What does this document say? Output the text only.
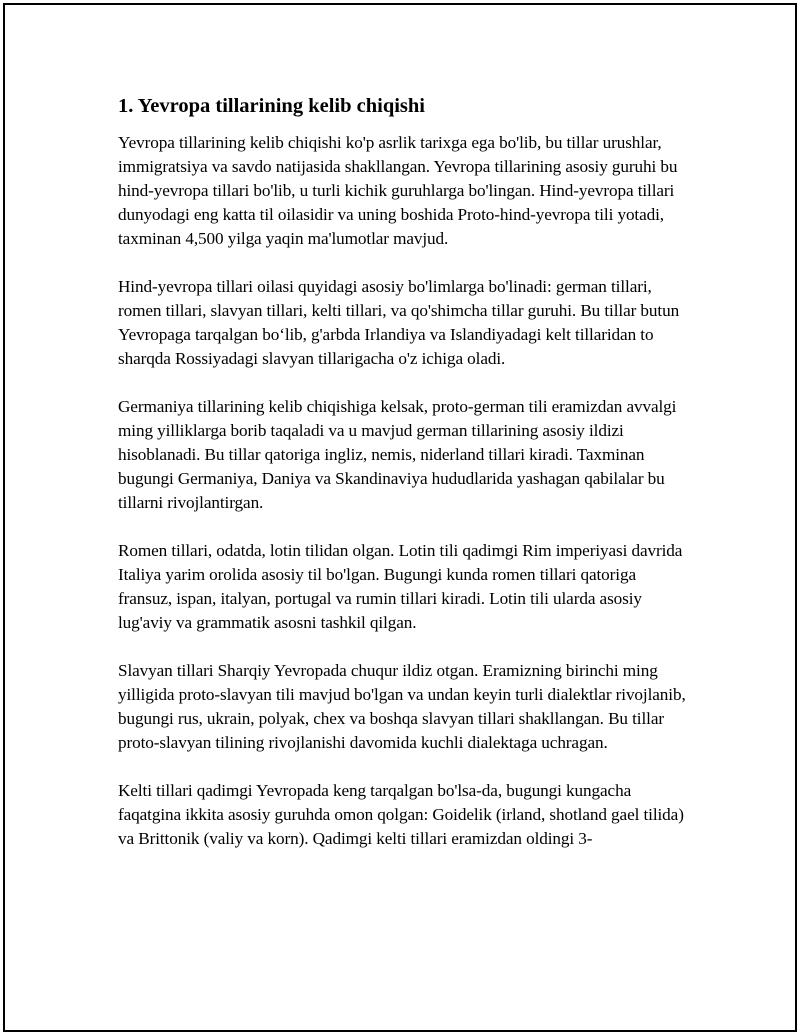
1. Yevropa tillarining kelib chiqishi

Yevropa tillarining kelib chiqishi ko'p asrlik tarixga ega bo'lib, bu tillar urushlar, immigratsiya va savdo natijasida shakllangan. Yevropa tillarining asosiy guruhi bu hind-yevropa tillari bo'lib, u turli kichik guruhlarga bo'lingan. Hind-yevropa tillari dunyodagi eng katta til oilasidir va uning boshida Proto-hind-yevropa tili yotadi, taxminan 4,500 yilga yaqin ma'lumotlar mavjud.

Hind-yevropa tillari oilasi quyidagi asosiy bo'limlarga bo'linadi: german tillari, romen tillari, slavyan tillari, kelti tillari, va qo'shimcha tillar guruhi. Bu tillar butun Yevropaga tarqalgan bo‘lib, g'arbda Irlandiya va Islandiyadagi kelt tillaridan to sharqda Rossiyadagi slavyan tillarigacha o'z ichiga oladi.

Germaniya tillarining kelib chiqishiga kelsak, proto-german tili eramizdan avvalgi ming yilliklarga borib taqaladi va u mavjud german tillarining asosiy ildizi hisoblanadi. Bu tillar qatoriga ingliz, nemis, niderland tillari kiradi. Taxminan bugungi Germaniya, Daniya va Skandinaviya hududlarida yashagan qabilalar bu tillarni rivojlantirgan.

Romen tillari, odatda, lotin tilidan olgan. Lotin tili qadimgi Rim imperiyasi davrida Italiya yarim orolida asosiy til bo'lgan. Bugungi kunda romen tillari qatoriga fransuz, ispan, italyan, portugal va rumin tillari kiradi. Lotin tili ularda asosiy lug'aviy va grammatik asosni tashkil qilgan.

Slavyan tillari Sharqiy Yevropada chuqur ildiz otgan. Eramizning birinchi ming yilligida proto-slavyan tili mavjud bo'lgan va undan keyin turli dialektlar rivojlanib, bugungi rus, ukrain, polyak, chex va boshqa slavyan tillari shakllangan. Bu tillar proto-slavyan tilining rivojlanishi davomida kuchli dialektaga uchragan.

Kelti tillari qadimgi Yevropada keng tarqalgan bo'lsa-da, bugungi kungacha faqatgina ikkita asosiy guruhda omon qolgan: Goidelik (irland, shotland gael tilida) va Brittonik (valiy va korn). Qadimgi kelti tillari eramizdan oldingi 3-
